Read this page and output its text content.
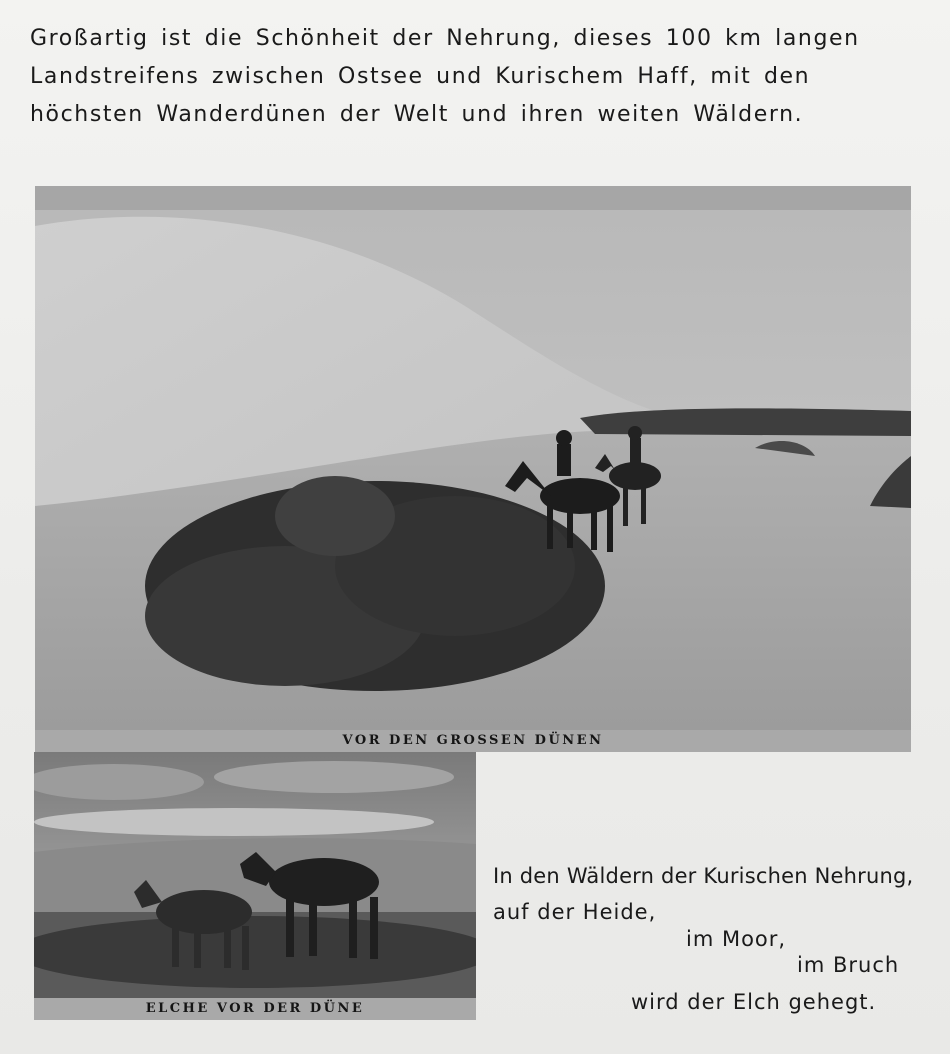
Großartig ist die Schönheit der Nehrung, dieses 100 km langen
Landstreifens zwischen Ostsee und Kurischem Haff, mit den
höchsten Wanderdünen der Welt und ihren weiten Wäldern.
VOR DEN GROSSEN DÜNEN
ELCHE VOR DER DÜNE
In den Wäldern der Kurischen Nehrung,
auf der Heide,
im Moor,
im Bruch
wird der Elch gehegt.
